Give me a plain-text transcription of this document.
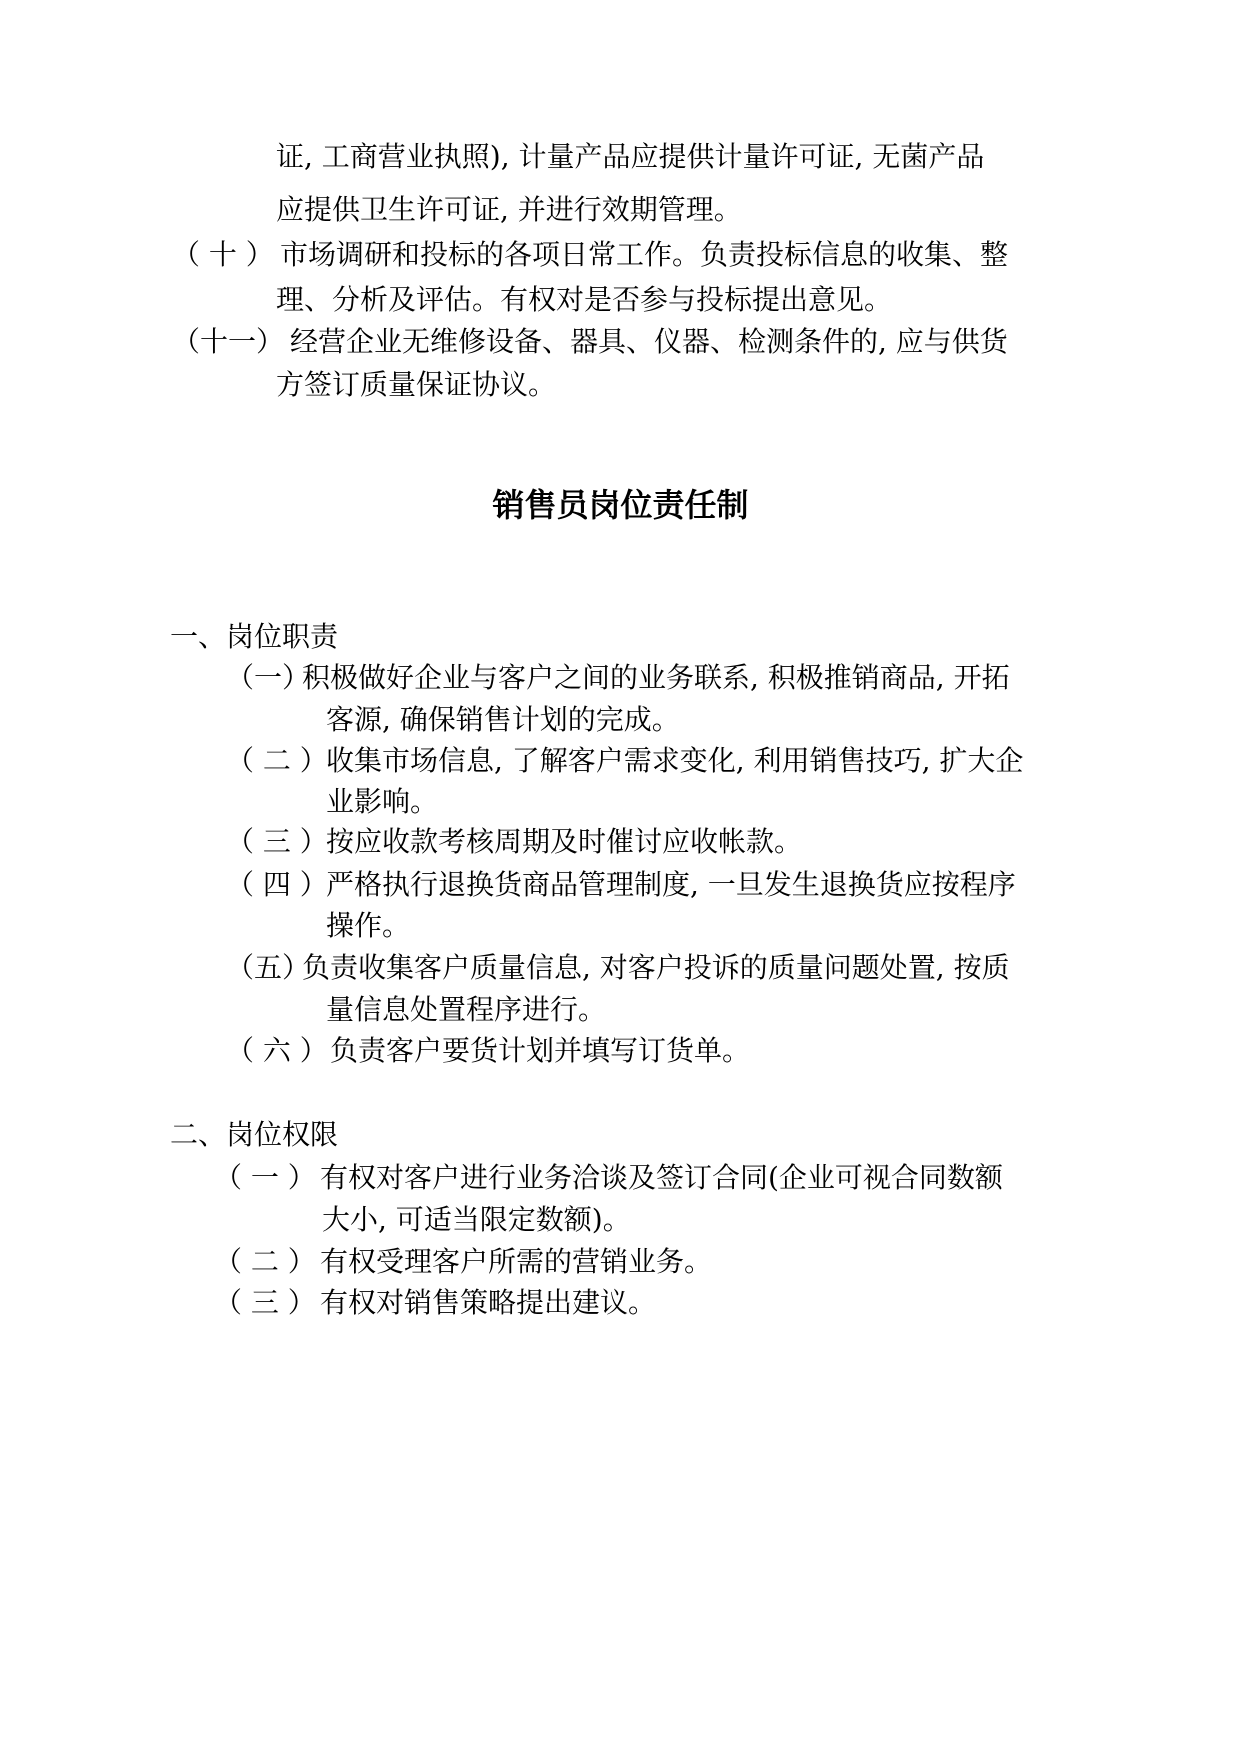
证, 工商营业执照), 计量产品应提供计量许可证, 无菌产品
应提供卫生许可证, 并进行效期管理。
（ 十 ） 市场调研和投标的各项日常工作。负责投标信息的收集、整
理、分析及评估。有权对是否参与投标提出意见。
（十一） 经营企业无维修设备、器具、仪器、检测条件的, 应与供货
方签订质量保证协议。
销售员岗位责任制
一、岗位职责
（一）
积极做好企业与客户之间的业务联系, 积极推销商品, 开拓
客源, 确保销售计划的完成。
（ 二 ）
收集市场信息, 了解客户需求变化, 利用销售技巧, 扩大企
业影响。
（ 三 ）
按应收款考核周期及时催讨应收帐款。
（ 四 ）
严格执行退换货商品管理制度, 一旦发生退换货应按程序
操作。
（五）
负责收集客户质量信息, 对客户投诉的质量问题处置, 按质
量信息处置程序进行。
（ 六 ） 负责客户要货计划并填写订货单。
二、岗位权限
（ 一 ） 有权对客户进行业务洽谈及签订合同(企业可视合同数额
大小, 可适当限定数额)。
（ 二 ） 有权受理客户所需的营销业务。
（ 三 ） 有权对销售策略提出建议。
